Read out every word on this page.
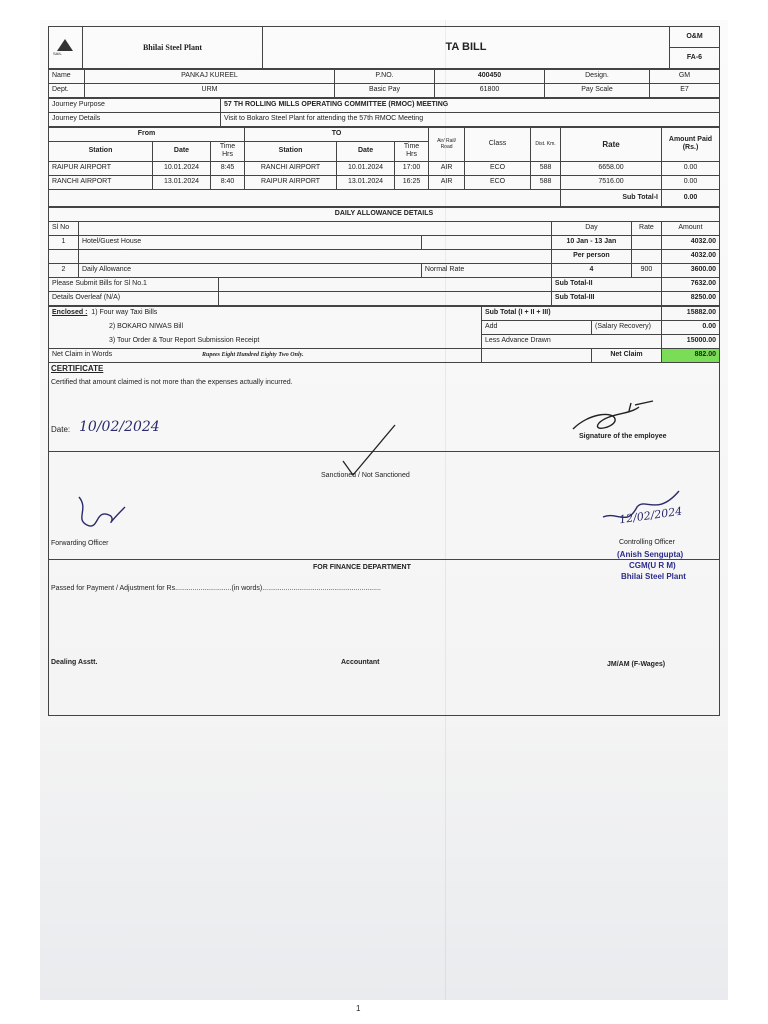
SAIL
	Bhilai Steel Plant	TA BILL	O&M
FA-6
Name	PANKAJ KUREEL	P.NO.	400450	Design.	GM
Dept.	URM	Basic Pay	61800	Pay Scale	E7
Journey Purpose	57 TH ROLLING MILLS OPERATING COMMITTEE (RMOC) MEETING
Journey Details	Visit to Bokaro Steel Plant for attending the 57th RMOC Meeting
From			TO			Air/ Rail/ Road	Class	Dist. Km.	Rate	Amount Paid (Rs.)
Station	Date	Time Hrs	Station	Date	Time Hrs					
RAIPUR AIRPORT	10.01.2024	8:45	RANCHI AIRPORT	10.01.2024	17:00	AIR	ECO	588	6658.00	0.00
RANCHI AIRPORT	13.01.2024	8:40	RAIPUR AIRPORT	13.01.2024	16:25	AIR	ECO	588	7516.00	0.00
									Sub Total-I	0.00
DAILY ALLOWANCE DETAILS						
Sl No				Day	Rate	Amount
1	Hotel/Guest House			10 Jan - 13 Jan		4032.00
				Per person		4032.00
2	Daily Allowance		Normal Rate	4	900	3600.00
Please Submit Bills for Sl No.1				Sub Total-II		7632.00
Details Overleaf (N/A)				Sub Total-III		8250.00
Enclosed : 1) Four way Taxi Bills	Sub Total (I + II + III)		15882.00
2) BOKARO NIWAS Bill	Add	(Salary Recovery)	0.00
3) Tour Order & Tour Report Submission Receipt	Less Advance Drawn		15000.00
Net Claim in Words Rupees Eight Hundred Eighty Two Only.		Net Claim	882.00
CERTIFICATE
Certified that amount claimed is not more than the expenses actually incurred.
Date: 10/02/2024
Signature of the employee
Sanctioned / Not Sanctioned
Forwarding Officer
12/02/2024
Controlling Officer
(Anish Sengupta)
CGM(U R M)
Bhilai Steel Plant
FOR FINANCE DEPARTMENT
Passed for Payment / Adjustment for Rs.............................(in words).............................................................
Dealing Asstt.	Accountant	JM/AM (F-Wages)
1
